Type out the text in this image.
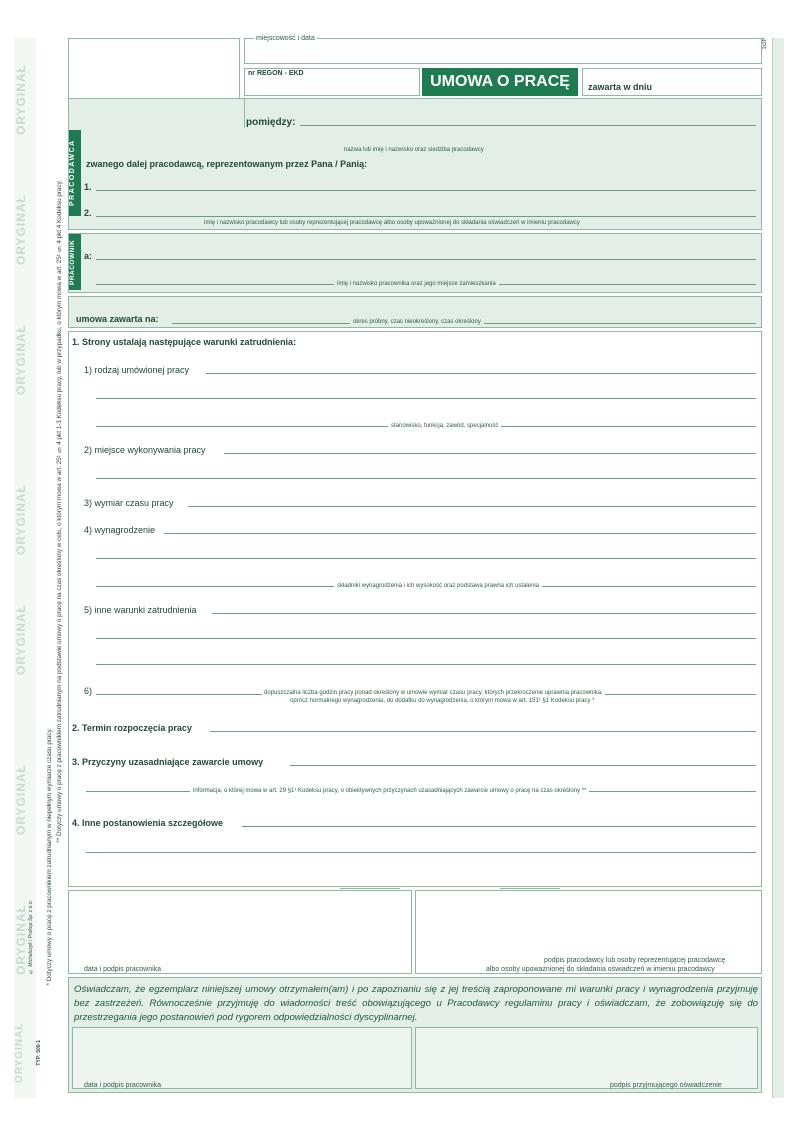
ORYGINAŁ
ORYGINAŁ
ORYGINAŁ
ORYGINAŁ
ORYGINAŁ
ORYGINAŁ
ORYGINAŁ
ORYGINAŁ
* Dotyczy umowy o pracę z pracownikiem zatrudnianym w niepełnym wymiarze czasu pracy.
** Dotyczy umowy o pracę z pracownikiem zatrudnianym na podstawie umowy o pracę na czas określony w celu, o którym mowa w art. 25¹ § 4 pkt 1-3 Kodeksu pracy, lub w przypadku, o którym mowa w art. 25¹ § 4 pkt 4 Kodeksu pracy.
TYP: 500-1
© Michalczyk i Prokop Sp. z o.o.
1x2P
miejscowość i data
nr REGON - EKD	UMOWA O PRACĘ	zawarta w dniu
PRACODAWCA
pomiędzy:
nazwa lub imię i nazwisko oraz siedziba pracodawcy
zwanego dalej pracodawcą, reprezentowanym przez Pana / Panią:
1.
2.
imię i nazwisko pracodawcy lub osoby reprezentującej pracodawcę albo osoby upoważnionej do składania oświadczeń w imieniu pracodawcy
PRACOWNIK a:
imię i nazwisko pracownika oraz jego miejsce zamieszkania
umowa zawarta na:	okres próbny, czas nieokreślony, czas określony
1. Strony ustalają następujące warunki zatrudnienia:
1) rodzaj umówionej pracy
stanowisko, funkcja, zawód, specjalność
2) miejsce wykonywania pracy
3) wymiar czasu pracy
4) wynagrodzenie
składniki wynagrodzenia i ich wysokość oraz podstawa prawna ich ustalenia
5) inne warunki zatrudnienia
6)	dopuszczalna liczba godzin pracy ponad określony w umowie wymiar czasu pracy, których przekroczenie uprawnia pracownika,
oprócz normalnego wynagrodzenia, do dodatku do wynagrodzenia, o którym mowa w art. 151¹ §1 Kodeksu pracy *
2. Termin rozpoczęcia pracy
3. Przyczyny uzasadniające zawarcie umowy
informacja, o której mowa w art. 29 §1¹ Kodeksu pracy, o obiektywnych przyczynach uzasadniających zawarcie umowy o pracę na czas określony **
4. Inne postanowienia szczegółowe
data i podpis pracownika
podpis pracodawcy lub osoby reprezentującej pracodawcę
albo osoby upoważnionej do składania oświadczeń w imieniu pracodawcy
Oświadczam, że egzemplarz niniejszej umowy otrzymałem(am) i po zapoznaniu się z jej treścią zaproponowane mi warunki pracy i wynagrodzenia przyjmuję bez zastrzeżeń. Równocześnie przyjmuję do wiadomości treść obowiązującego u Pracodawcy regulaminu pracy i oświadczam, że zobowiązuję się do przestrzegania jego postanowień pod rygorem odpowiedzialności dyscyplinarnej.
data i podpis pracownika	podpis przyjmującego oświadczenie
